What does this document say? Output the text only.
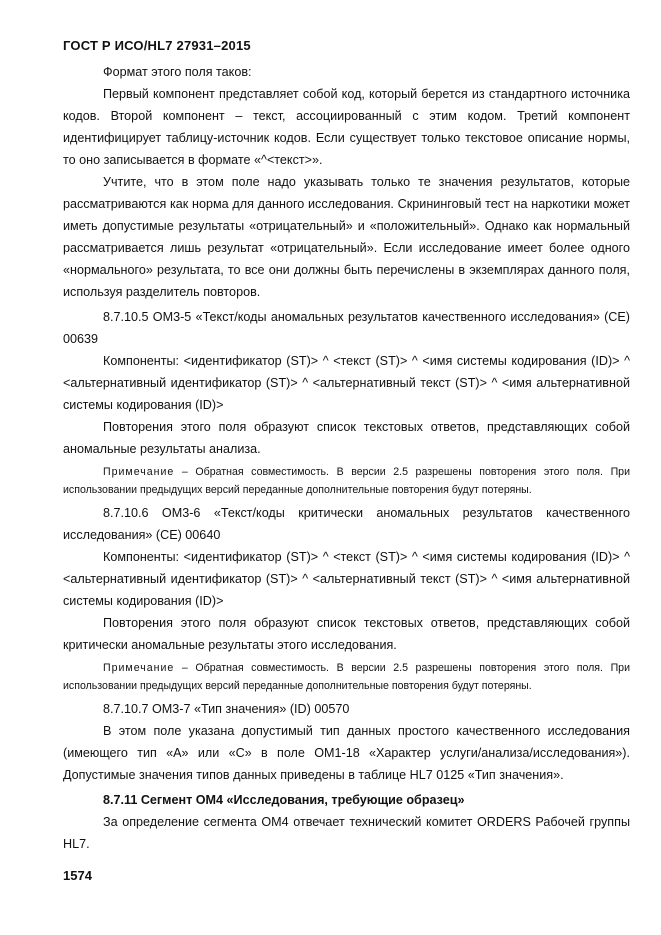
ГОСТ Р ИСО/HL7 27931–2015

Формат этого поля таков:

Первый компонент представляет собой код, который берется из стандартного источника кодов. Второй компонент – текст, ассоциированный с этим кодом. Третий компонент идентифицирует таблицу-источник кодов. Если существует только текстовое описание нормы, то оно записывается в формате «^<текст>».

Учтите, что в этом поле надо указывать только те значения результатов, которые рассматриваются как норма для данного исследования. Скрининговый тест на наркотики может иметь допустимые результаты «отрицательный» и «положительный». Однако как нормальный рассматривается лишь результат «отрицательный». Если исследование имеет более одного «нормального» результата, то все они должны быть перечислены в экземплярах данного поля, используя разделитель повторов.

8.7.10.5 OM3-5 «Текст/коды аномальных результатов качественного исследования» (CE) 00639

Компоненты: <идентификатор (ST)> ^ <текст (ST)> ^ <имя системы кодирования (ID)> ^ <альтернативный идентификатор (ST)> ^ <альтернативный текст (ST)> ^ <имя альтернативной системы кодирования (ID)>

Повторения этого поля образуют список текстовых ответов, представляющих собой аномальные результаты анализа.

Примечание – Обратная совместимость. В версии 2.5 разрешены повторения этого поля. При использовании предыдущих версий переданные дополнительные повторения будут потеряны.

8.7.10.6 OM3-6 «Текст/коды критически аномальных результатов качественного исследования» (CE) 00640

Компоненты: <идентификатор (ST)> ^ <текст (ST)> ^ <имя системы кодирования (ID)> ^ <альтернативный идентификатор (ST)> ^ <альтернативный текст (ST)> ^ <имя альтернативной системы кодирования (ID)>

Повторения этого поля образуют список текстовых ответов, представляющих собой критически аномальные результаты этого исследования.

Примечание – Обратная совместимость. В версии 2.5 разрешены повторения этого поля. При использовании предыдущих версий переданные дополнительные повторения будут потеряны.

8.7.10.7 OM3-7 «Тип значения» (ID) 00570

В этом поле указана допустимый тип данных простого качественного исследования (имеющего тип «A» или «C» в поле OM1-18 «Характер услуги/анализа/исследования»). Допустимые значения типов данных приведены в таблице HL7 0125 «Тип значения».

8.7.11 Сегмент OM4 «Исследования, требующие образец»

За определение сегмента OM4 отвечает технический комитет ORDERS Рабочей группы HL7.

1574
